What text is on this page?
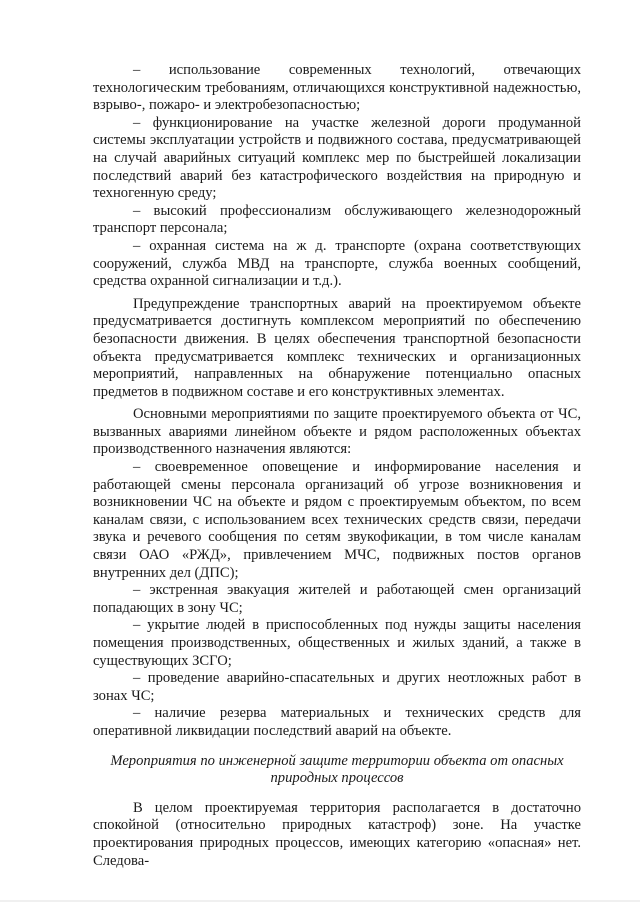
– использование современных технологий, отвечающих технологическим требованиям, отличающихся конструктивной надежностью, взрыво-, пожаро- и электробезопасностью;

– функционирование на участке железной дороги продуманной системы эксплуатации устройств и подвижного состава, предусматривающей на случай аварийных ситуаций комплекс мер по быстрейшей локализации последствий аварий без катастрофического воздействия на природную и техногенную среду;

– высокий профессионализм обслуживающего железнодорожный транспорт персонала;

– охранная система на ж д. транспорте (охрана соответствующих сооружений, служба МВД на транспорте, служба военных сообщений, средства охранной сигнализации и т.д.).

Предупреждение транспортных аварий на проектируемом объекте предусматривается достигнуть комплексом мероприятий по обеспечению безопасности движения. В целях обеспечения транспортной безопасности объекта предусматривается комплекс технических и организационных мероприятий, направленных на обнаружение потенциально опасных предметов в подвижном составе и его конструктивных элементах.

Основными мероприятиями по защите проектируемого объекта от ЧС, вызванных авариями линейном объекте и рядом расположенных объектах производственного назначения являются:

– своевременное оповещение и информирование населения и работающей смены персонала организаций об угрозе возникновения и возникновении ЧС на объекте и рядом с проектируемым объектом, по всем каналам связи, с использованием всех технических средств связи, передачи звука и речевого сообщения по сетям звукофикации, в том числе каналам связи ОАО «РЖД», привлечением МЧС, подвижных постов органов внутренних дел (ДПС);

– экстренная эвакуация жителей и работающей смен организаций попадающих в зону ЧС;

– укрытие людей в приспособленных под нужды защиты населения помещения производственных, общественных и жилых зданий, а также в существующих ЗСГО;

– проведение аварийно-спасательных и других неотложных работ в зонах ЧС;

– наличие резерва материальных и технических средств для оперативной ликвидации последствий аварий на объекте.

Мероприятия по инженерной защите территории объекта от опасных природных процессов

В целом проектируемая территория располагается в достаточно спокойной (относительно природных катастроф) зоне. На участке проектирования природных процессов, имеющих категорию «опасная» нет. Следова-
